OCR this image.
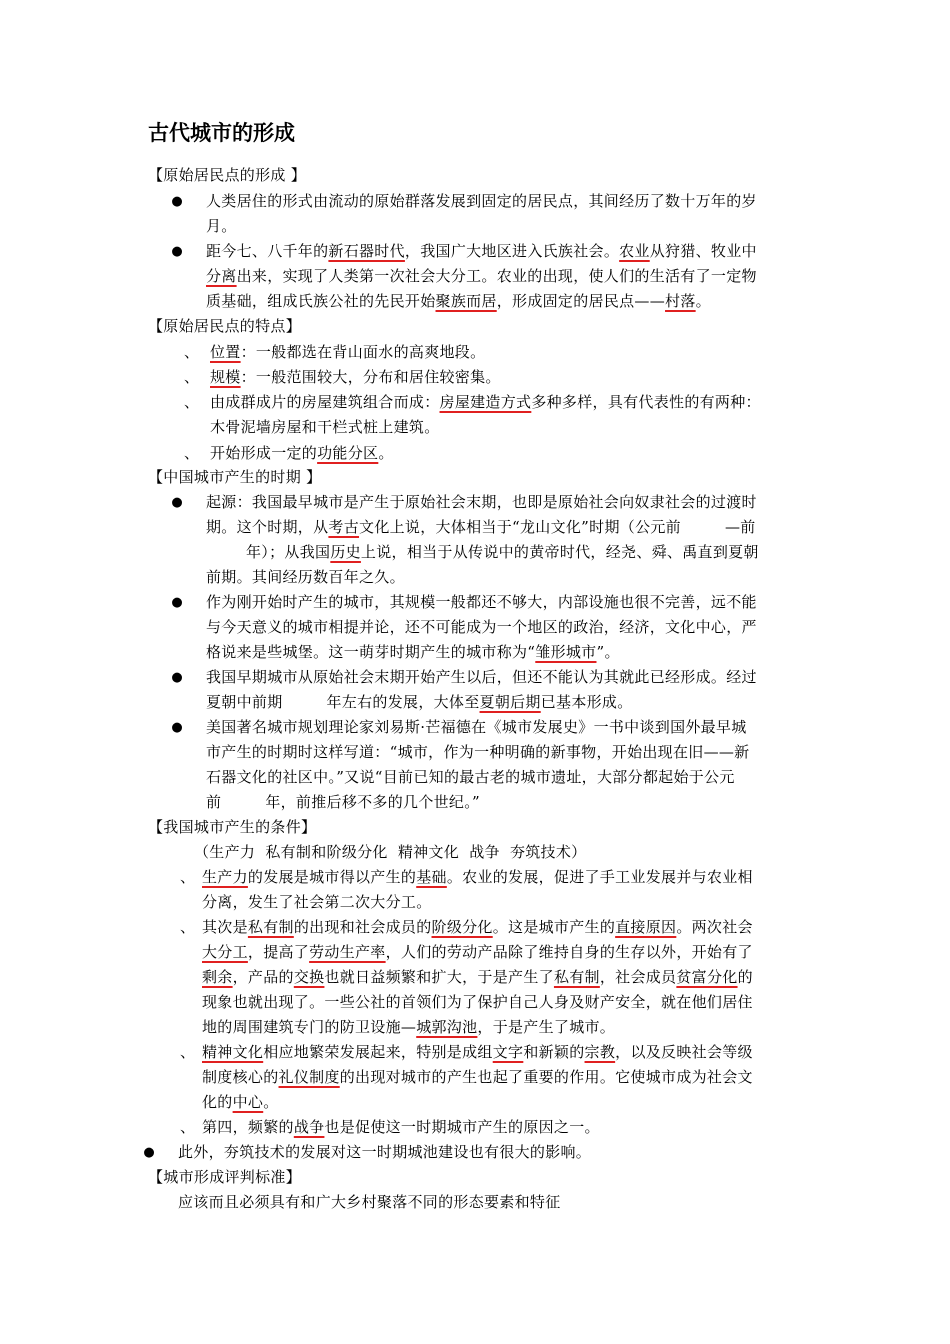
古代城市的形成
【原始居民点的形成 】
● 人类居住的形式由流动的原始群落发展到固定的居民点，其间经历了数十万年的岁
月。
● 距今七、八千年的新石器时代，我国广大地区进入氏族社会。农业从狩猎、牧业中
分离出来，实现了人类第一次社会大分工。农业的出现，使人们的生活有了一定物
质基础，组成氏族公社的先民开始聚族而居，形成固定的居民点——村落。
【原始居民点的特点】
、 位置：一般都选在背山面水的高爽地段。
、 规模：一般范围较大，分布和居住较密集。
、 由成群成片的房屋建筑组合而成：房屋建造方式多种多样，具有代表性的有两种：
木骨泥墙房屋和干栏式桩上建筑。
、 开始形成一定的功能分区。
【中国城市产生的时期 】
● 起源：我国最早城市是产生于原始社会末期，也即是原始社会向奴隶社会的过渡时
期。这个时期，从考古文化上说，大体相当于“龙山文化”时期（公元前	—前
年）；从我国历史上说，相当于从传说中的黄帝时代，经尧、舜、禹直到夏朝
前期。其间经历数百年之久。
● 作为刚开始时产生的城市，其规模一般都还不够大，内部设施也很不完善，远不能
与今天意义的城市相提并论，还不可能成为一个地区的政治，经济，文化中心，严
格说来是些城堡。这一萌芽时期产生的城市称为“雏形城市”。
● 我国早期城市从原始社会末期开始产生以后，但还不能认为其就此已经形成。经过
夏朝中前期	年左右的发展，大体至夏朝后期已基本形成。
● 美国著名城市规划理论家刘易斯·芒福德在《城市发展史》一书中谈到国外最早城
市产生的时期时这样写道：“城市，作为一种明确的新事物，开始出现在旧——新
石器文化的社区中。”又说“目前已知的最古老的城市遗址，大部分都起始于公元
前	年，前推后移不多的几个世纪。”
【我国城市产生的条件】
（生产力  私有制和阶级分化  精神文化  战争  夯筑技术）
、 生产力的发展是城市得以产生的基础。农业的发展，促进了手工业发展并与农业相
分离，发生了社会第二次大分工。
、 其次是私有制的出现和社会成员的阶级分化。这是城市产生的直接原因。两次社会
大分工，提高了劳动生产率，人们的劳动产品除了维持自身的生存以外，开始有了
剩余，产品的交换也就日益频繁和扩大，于是产生了私有制，社会成员贫富分化的
现象也就出现了。一些公社的首领们为了保护自己人身及财产安全，就在他们居住
地的周围建筑专门的防卫设施—城郭沟池，于是产生了城市。
、 精神文化相应地繁荣发展起来，特别是成组文字和新颖的宗教，以及反映社会等级
制度核心的礼仪制度的出现对城市的产生也起了重要的作用。它使城市成为社会文
化的中心。
、 第四，频繁的战争也是促使这一时期城市产生的原因之一。
● 此外，夯筑技术的发展对这一时期城池建设也有很大的影响。
【城市形成评判标准】
应该而且必须具有和广大乡村聚落不同的形态要素和特征
